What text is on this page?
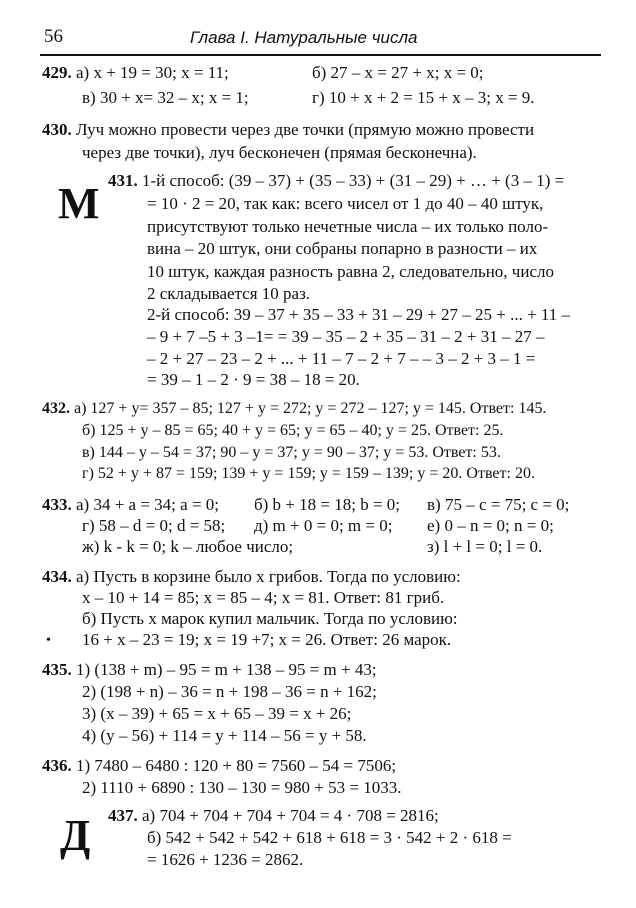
56	Глава I. Натуральные числа
М
Д
•
429. а) x + 19 = 30; x = 11;	б) 27 – x = 27 + x; x = 0;
в) 30 + x= 32 – x; x = 1;	г) 10 + x + 2 = 15 + x – 3; x = 9.
430. Луч можно провести через две точки (прямую можно провести
через две точки), луч бесконечен (прямая бесконечна).
431. 1-й способ: (39 – 37) + (35 – 33) + (31 – 29) + … + (3 – 1) =
= 10 · 2 = 20, так как: всего чисел от 1 до 40 – 40 штук,
присутствуют только нечетные числа – их только поло-
вина – 20 штук, они собраны попарно в разности – их
10 штук, каждая разность равна 2, следовательно, число
2 складывается 10 раз.
2-й способ: 39 – 37 + 35 – 33 + 31 – 29 + 27 – 25 + ... + 11 –
– 9 + 7 –5 + 3 –1= = 39 – 35 – 2 + 35 – 31 – 2 + 31 – 27 –
– 2 + 27 – 23 – 2 + ... + 11 – 7 – 2 + 7 – – 3 – 2 + 3 – 1 =
= 39 – 1 – 2 · 9 = 38 – 18 = 20.
432. а) 127 + y= 357 – 85; 127 + y = 272; y = 272 – 127; y = 145. Ответ: 145.
б) 125 + y – 85 = 65; 40 + y = 65; y = 65 – 40; y = 25. Ответ: 25.
в) 144 – y – 54 = 37; 90 – y = 37; y = 90 – 37; y = 53. Ответ: 53.
г) 52 + y + 87 = 159; 139 + y = 159; y = 159 – 139; y = 20. Ответ: 20.
433. а) 34 + a = 34; a = 0; б) b + 18 = 18; b = 0; в) 75 – c = 75; c = 0;
г) 58 – d = 0; d = 58; д) m + 0 = 0; m = 0; е) 0 – n = 0; n = 0;
ж) k - k = 0; k – любое число;	з) l + l = 0; l = 0.
434. а) Пусть в корзине было x грибов. Тогда по условию:
x – 10 + 14 = 85; x = 85 – 4; x = 81. Ответ: 81 гриб.
б) Пусть x марок купил мальчик. Тогда по условию:
16 + x – 23 = 19; x = 19 +7; x = 26. Ответ: 26 марок.
435. 1) (138 + m) – 95 = m + 138 – 95 = m + 43;
2) (198 + n) – 36 = n + 198 – 36 = n + 162;
3) (x – 39) + 65 = x + 65 – 39 = x + 26;
4) (y – 56) + 114 = y + 114 – 56 = y + 58.
436. 1) 7480 – 6480 : 120 + 80 = 7560 – 54 = 7506;
2) 1110 + 6890 : 130 – 130 = 980 + 53 = 1033.
437. а) 704 + 704 + 704 + 704 = 4 · 708 = 2816;
б) 542 + 542 + 542 + 618 + 618 = 3 · 542 + 2 · 618 =
= 1626 + 1236 = 2862.
